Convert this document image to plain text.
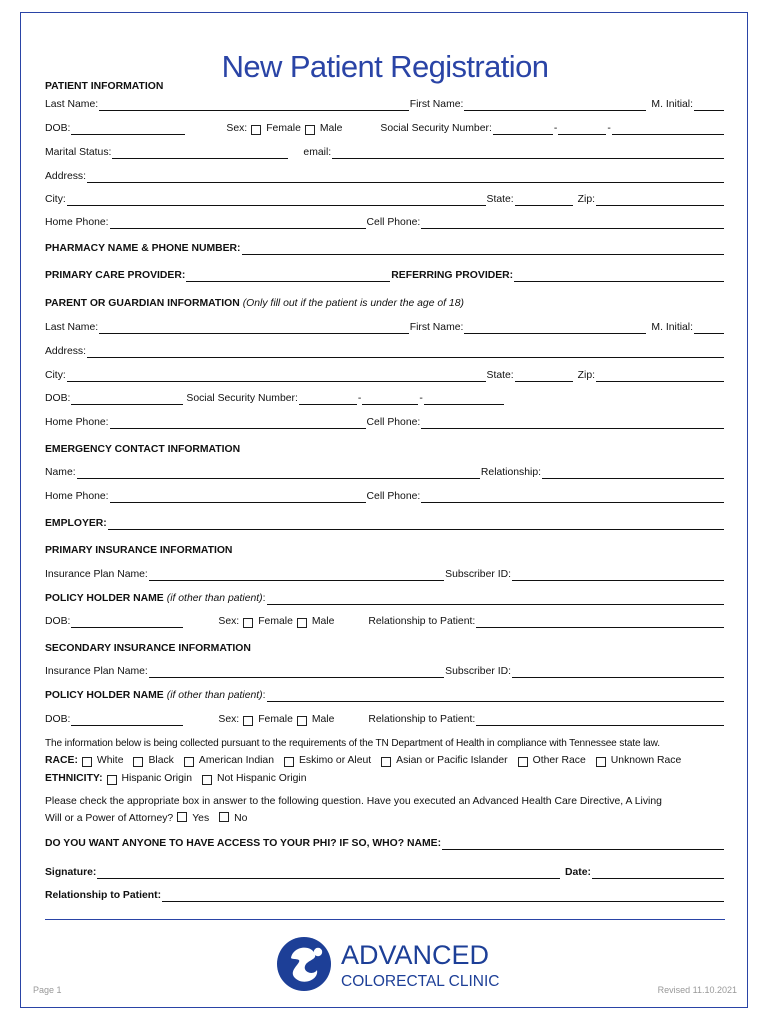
New Patient Registration
PATIENT INFORMATION
Last Name:	First Name:	M. Initial:
DOB:	Sex: Female Male	Social Security Number:	-	-
Marital Status:	email:
Address:
City:	State:	Zip:
Home Phone:	Cell Phone:
PHARMACY NAME & PHONE NUMBER:
PRIMARY CARE PROVIDER:	REFERRING PROVIDER:
PARENT OR GUARDIAN INFORMATION (Only fill out if the patient is under the age of 18)
Last Name:	First Name:	M. Initial:
Address:
City:	State:	Zip:
DOB:	Social Security Number:	-	-
Home Phone:	Cell Phone:
EMERGENCY CONTACT INFORMATION
Name:	Relationship:
Home Phone:	Cell Phone:
EMPLOYER:
PRIMARY INSURANCE INFORMATION
Insurance Plan Name:	Subscriber ID:
POLICY HOLDER NAME (if other than patient) :
DOB:	Sex: Female Male	Relationship to Patient:
SECONDARY INSURANCE INFORMATION
Insurance Plan Name:	Subscriber ID:
POLICY HOLDER NAME (if other than patient) :
DOB:	Sex: Female Male	Relationship to Patient:
The information below is being collected pursuant to the requirements of the TN Department of Health in compliance with Tennessee state law.
RACE: White Black American Indian Eskimo or Aleut Asian or Pacific Islander Other Race Unknown Race
ETHNICITY: Hispanic Origin Not Hispanic Origin
Please check the appropriate box in answer to the following question. Have you executed an Advanced Health Care Directive, A Living
Will or a Power of Attorney? Yes No
DO YOU WANT ANYONE TO HAVE ACCESS TO YOUR PHI? IF SO, WHO? NAME :
Signature:	Date:
Relationship to Patient:
ADVANCED
COLORECTAL CLINIC
Page 1	Revised 11.10.2021
